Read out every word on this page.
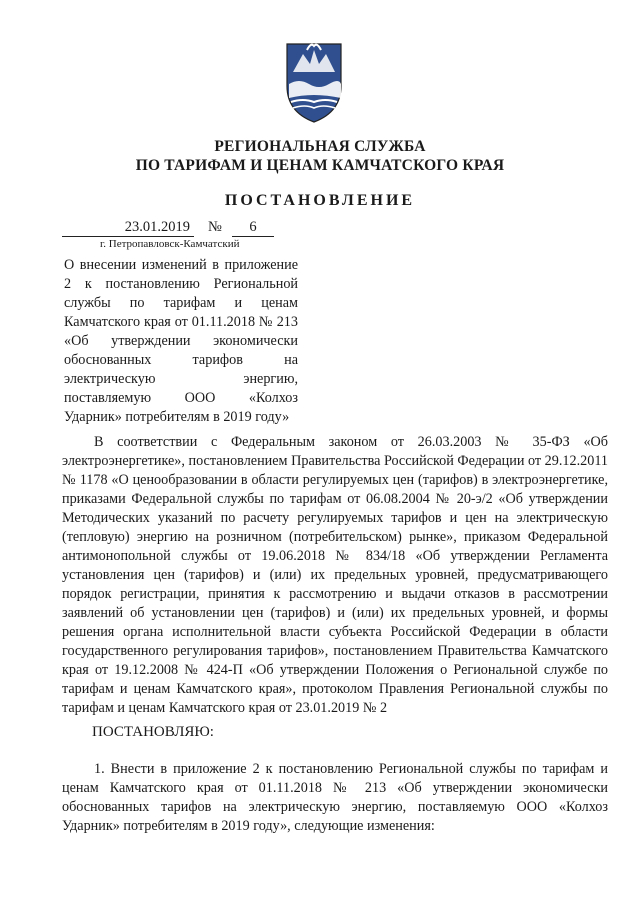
РЕГИОНАЛЬНАЯ СЛУЖБА
ПО ТАРИФАМ И ЦЕНАМ КАМЧАТСКОГО КРАЯ
ПОСТАНОВЛЕНИЕ
23.01.2019 №	6
г. Петропавловск-Камчатский
О внесении изменений в приложение 2 к постановлению Региональной службы по тарифам и ценам Камчатского края от 01.11.2018 № 213 «Об утверждении экономически обоснованных тарифов на электрическую энергию, поставляемую ООО «Колхоз Ударник» потребителям в 2019 году»
В соответствии с Федеральным законом от 26.03.2003 № 35-ФЗ «Об электроэнергетике», постановлением Правительства Российской Федерации от 29.12.2011 № 1178 «О ценообразовании в области регулируемых цен (тарифов) в электроэнергетике, приказами Федеральной службы по тарифам от 06.08.2004 № 20-э/2 «Об утверждении Методических указаний по расчету регулируемых тарифов и цен на электрическую (тепловую) энергию на розничном (потребительском) рынке», приказом Федеральной антимонопольной службы от 19.06.2018 № 834/18 «Об утверждении Регламента установления цен (тарифов) и (или) их предельных уровней, предусматривающего порядок регистрации, принятия к рассмотрению и выдачи отказов в рассмотрении заявлений об установлении цен (тарифов) и (или) их предельных уровней, и формы решения органа исполнительной власти субъекта Российской Федерации в области государственного регулирования тарифов», постановлением Правительства Камчатского края от 19.12.2008 № 424-П «Об утверждении Положения о Региональной службе по тарифам и ценам Камчатского края», протоколом Правления Региональной службы по тарифам и ценам Камчатского края от 23.01.2019 № 2
ПОСТАНОВЛЯЮ:
1. Внести в приложение 2 к постановлению Региональной службы по тарифам и ценам Камчатского края от 01.11.2018 № 213 «Об утверждении экономически обоснованных тарифов на электрическую энергию, поставляемую ООО «Колхоз Ударник» потребителям в 2019 году», следующие изменения:
